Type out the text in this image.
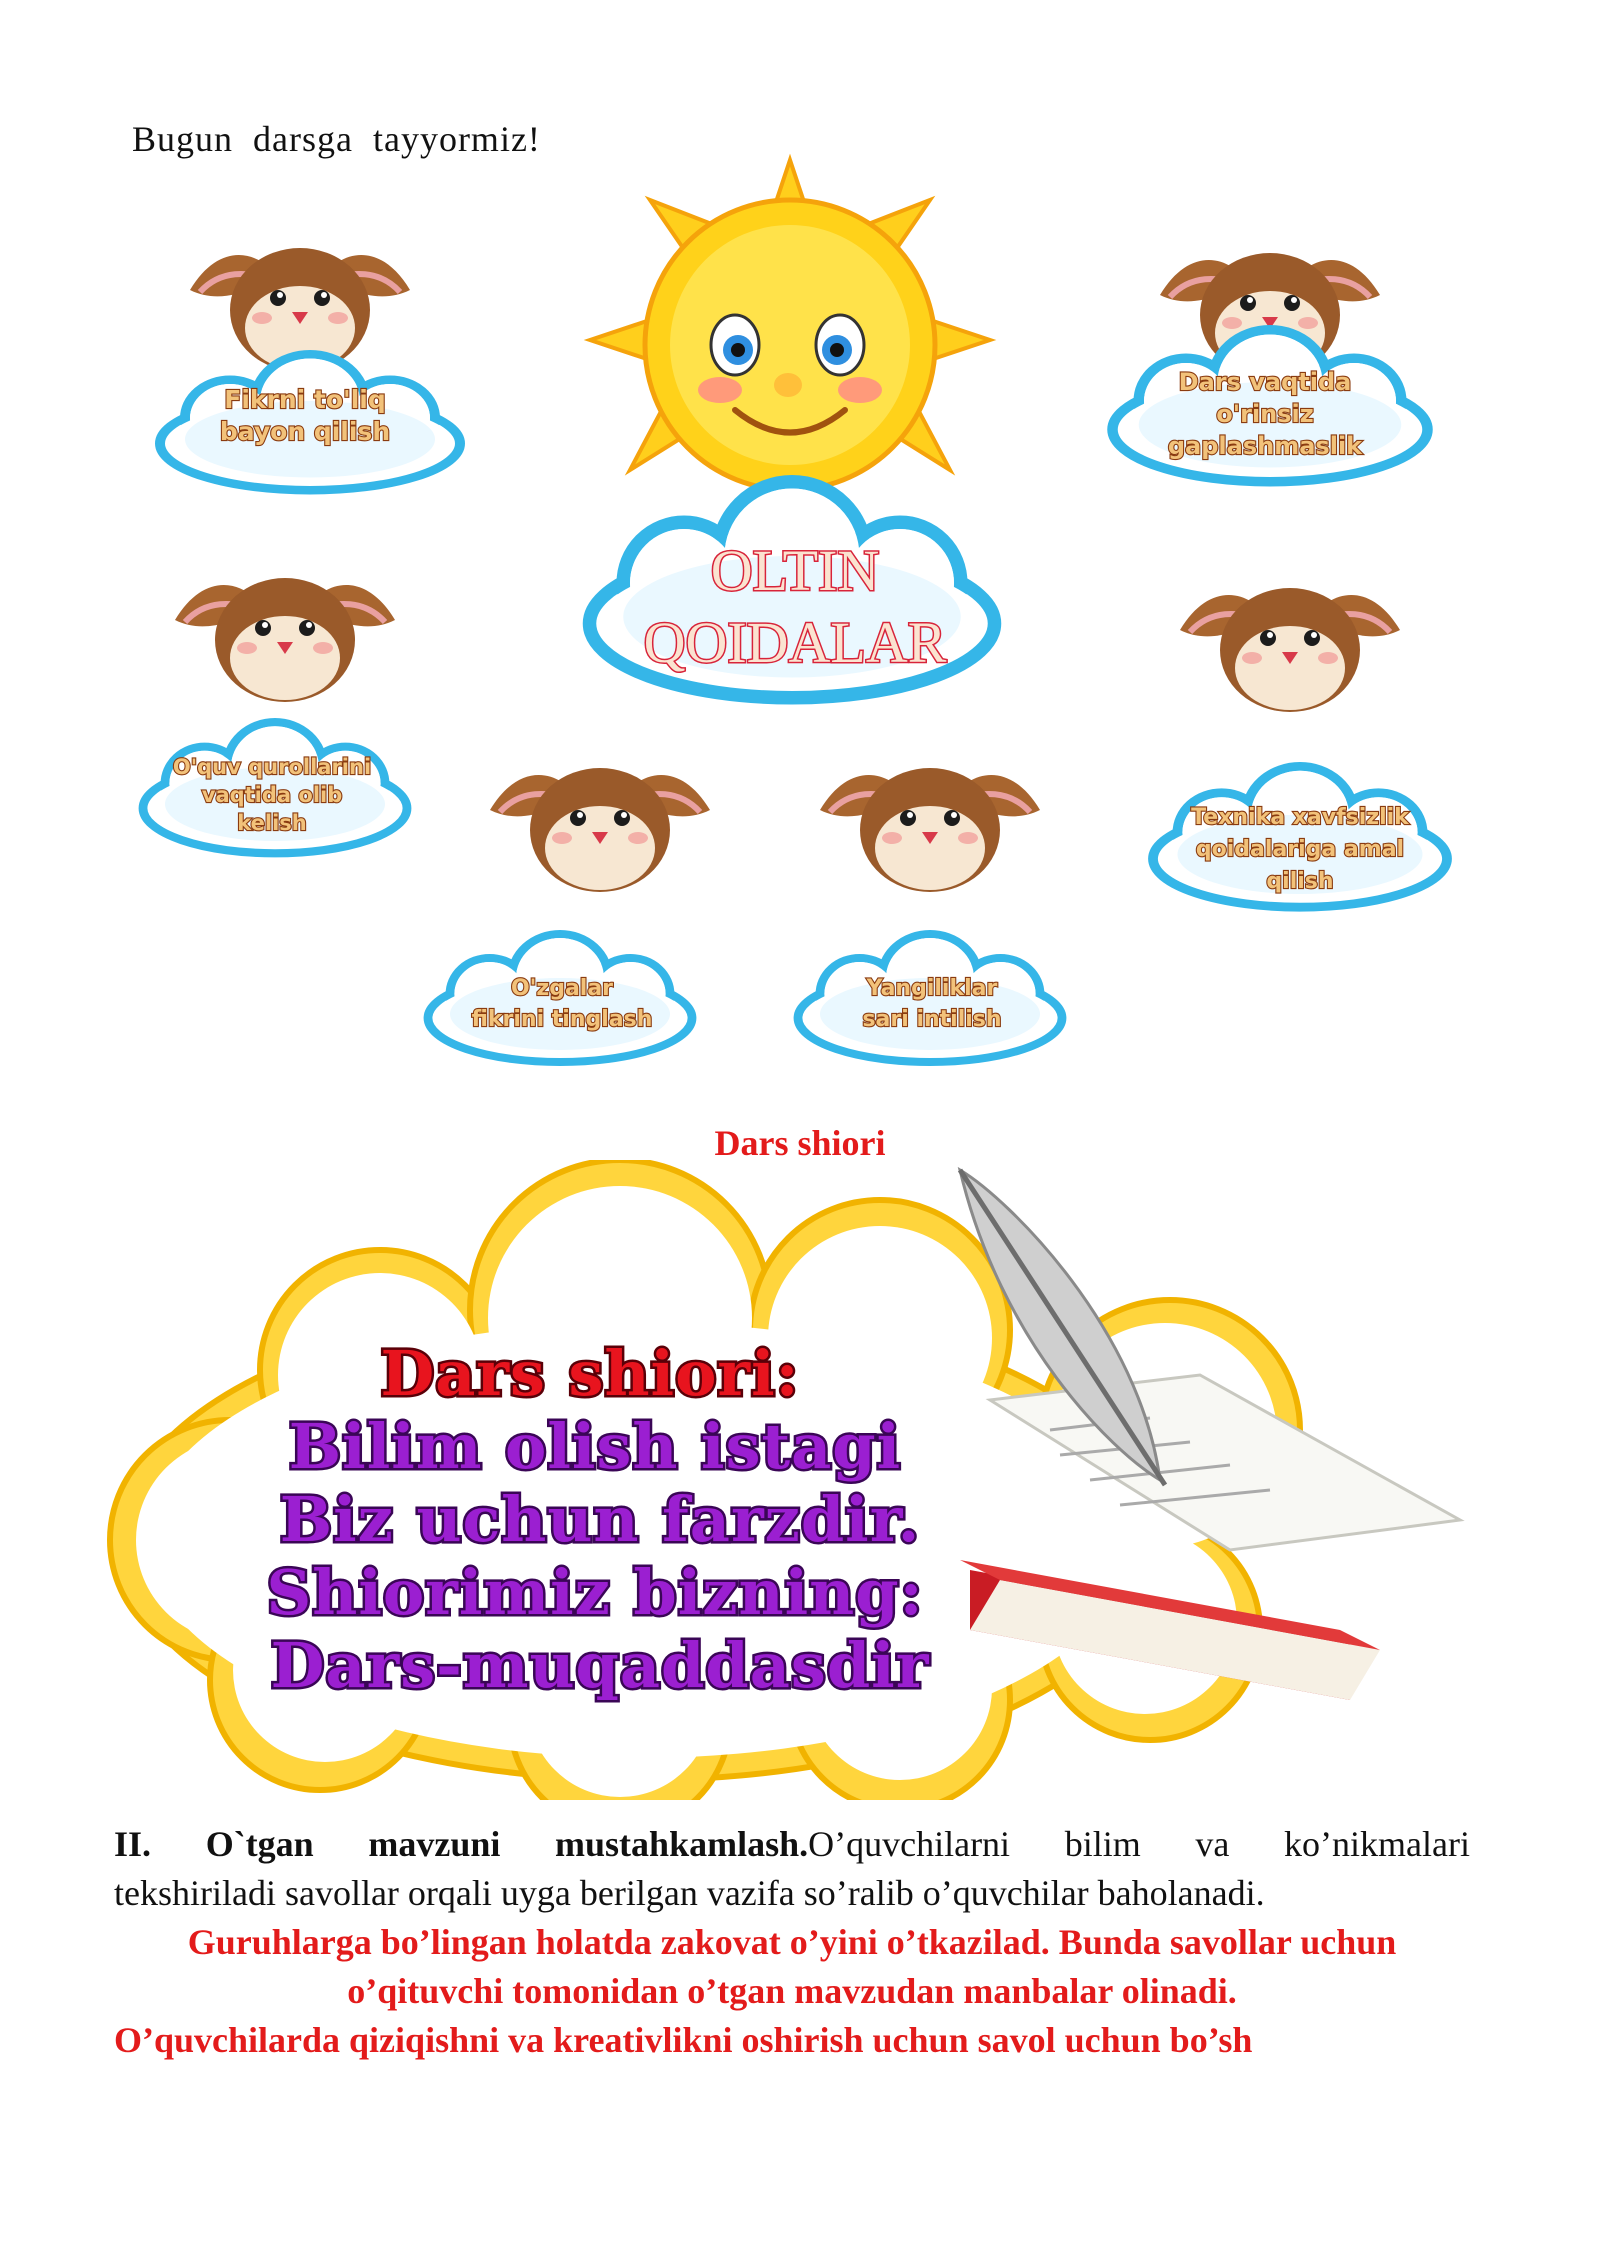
Bugun darsga tayyormiz!
OLTIN
QOIDALAR
Fikrni to'liq
bayon qilish
Dars vaqtida
o'rinsiz
gaplashmaslik
O'quv qurollarini
vaqtida olib
kelish	Texnika xavfsizlik
qoidalariga amal
qilish
O'zgalar
fikrini tinglash
Yangiliklar
sari intilish
Dars shiori
Dars shiori:
Bilim olish istagi
Biz uchun farzdir.
Shiorimiz bizning:
Dars-muqaddasdir

II. O`tgan mavzuni mustahkamlash.O’quvchilarni bilim va ko’nikmalari

tekshiriladi savollar orqali uyga berilgan vazifa so’ralib o’quvchilar baholanadi.

Guruhlarga bo’lingan holatda zakovat o’yini o’tkazilad. Bunda savollar uchun o’qituvchi tomonidan o’tgan mavzudan manbalar olinadi.

O’quvchilarda qiziqishni va kreativlikni oshirish uchun savol uchun bo’sh
